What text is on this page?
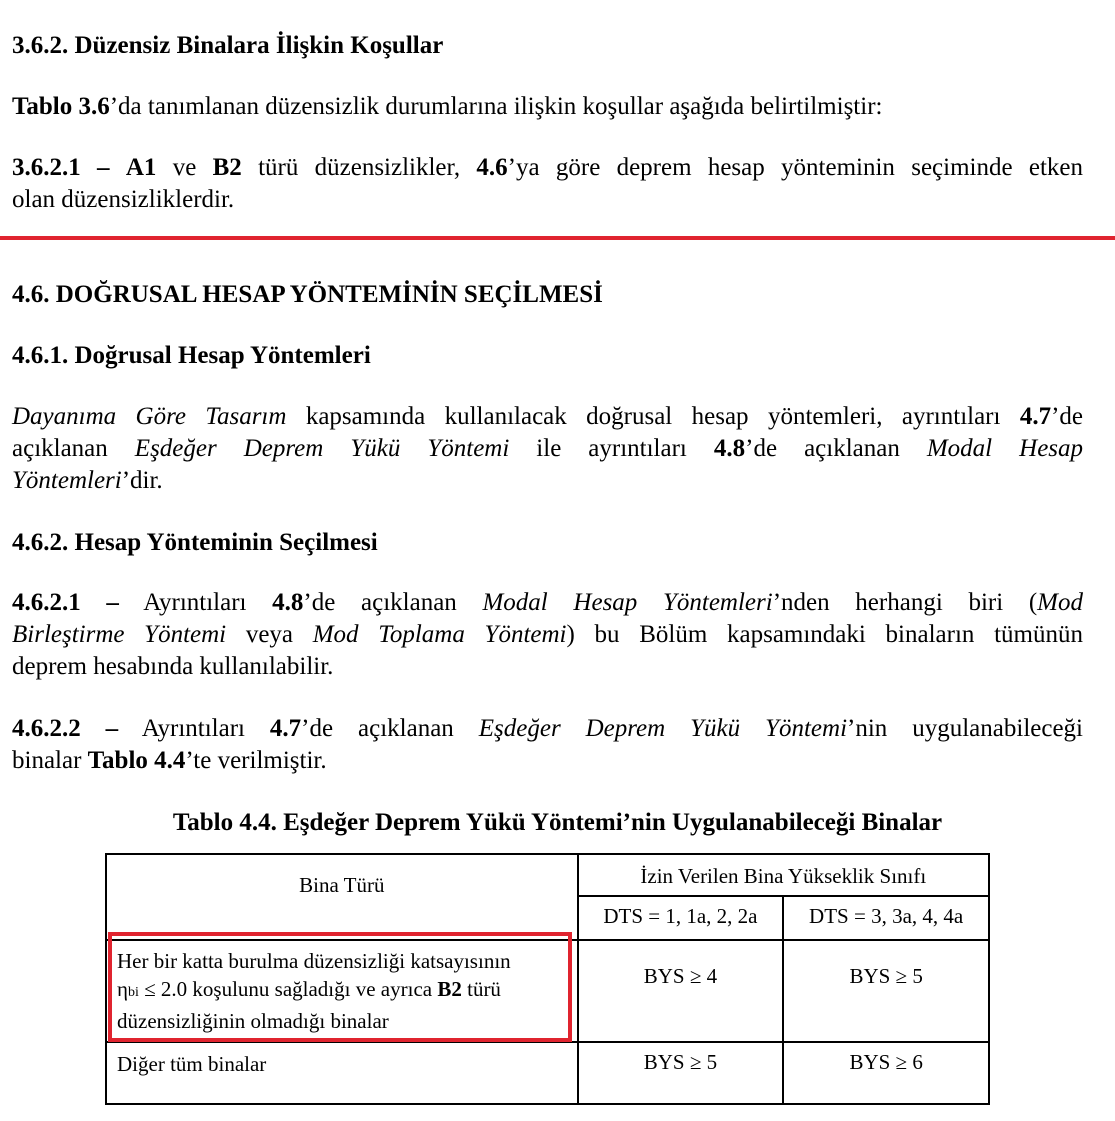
3.6.2. Düzensiz Binalara İlişkin Koşullar
Tablo 3.6’da tanımlanan düzensizlik durumlarına ilişkin koşullar aşağıda belirtilmiştir:
3.6.2.1 – A1 ve B2 türü düzensizlikler, 4.6’ya göre deprem hesap yönteminin seçiminde etken
olan düzensizliklerdir.
4.6. DOĞRUSAL HESAP YÖNTEMİNİN SEÇİLMESİ
4.6.1. Doğrusal Hesap Yöntemleri
Dayanıma Göre Tasarım kapsamında kullanılacak doğrusal hesap yöntemleri, ayrıntıları 4.7’de
açıklanan Eşdeğer Deprem Yükü Yöntemi ile ayrıntıları 4.8’de açıklanan Modal Hesap
Yöntemleri’dir.
4.6.2. Hesap Yönteminin Seçilmesi
4.6.2.1 – Ayrıntıları 4.8’de açıklanan Modal Hesap Yöntemleri’nden herhangi biri (Mod
Birleştirme Yöntemi veya Mod Toplama Yöntemi) bu Bölüm kapsamındaki binaların tümünün
deprem hesabında kullanılabilir.
4.6.2.2 – Ayrıntıları 4.7’de açıklanan Eşdeğer Deprem Yükü Yöntemi’nin uygulanabileceği
binalar Tablo 4.4’te verilmiştir.
Tablo 4.4. Eşdeğer Deprem Yükü Yöntemi’nin Uygulanabileceği Binalar
Bina Türü	İzin Verilen Bina Yükseklik Sınıfı	

	DTS = 1, 1a, 2, 2a	DTS = 3, 3a, 4, 4a

Her bir katta burulma düzensizliği katsayısının
ηbi ≤ 2.0 koşulunu sağladığı ve ayrıca B2 türü
düzensizliğinin olmadığı binalar	BYS ≥ 4	BYS ≥ 5

Diğer tüm binalar	BYS ≥ 5	BYS ≥ 6
